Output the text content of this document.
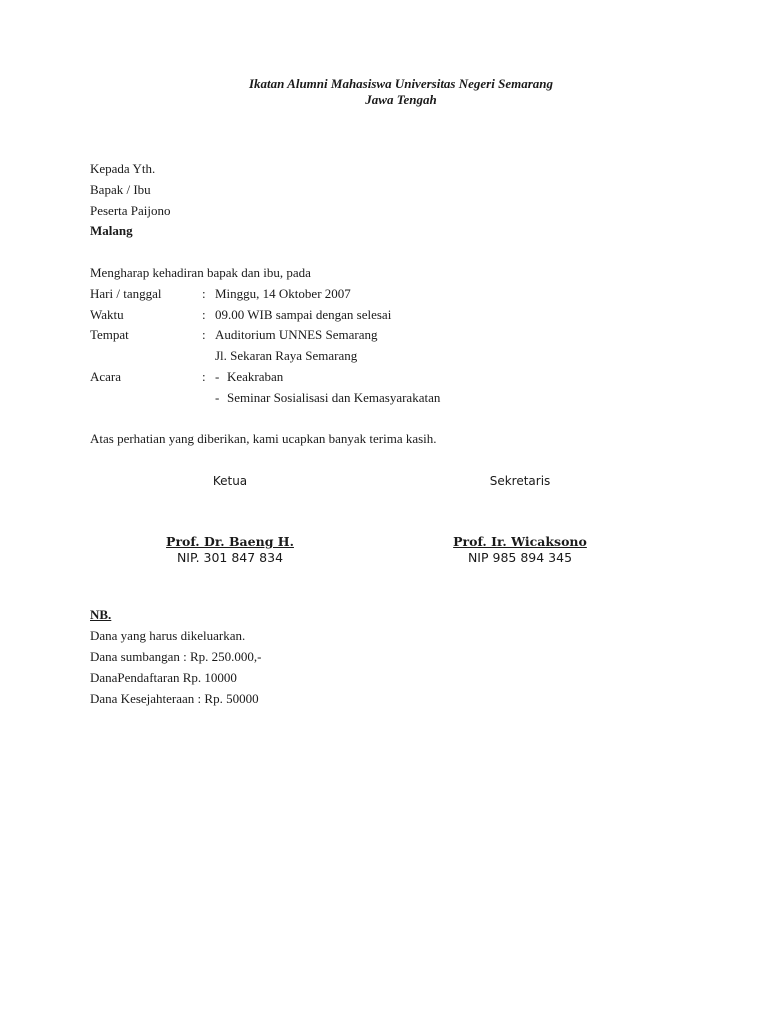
Ikatan Alumni Mahasiswa Universitas Negeri Semarang
Jawa Tengah
Kepada Yth.
Bapak / Ibu
Peserta Paijono
Malang
Mengharap kehadiran bapak dan ibu, pada
Hari / tanggal	: Minggu, 14 Oktober 2007
Waktu	: 09.00 WIB sampai dengan selesai
Tempat	: Auditorium UNNES Semarang
Jl. Sekaran Raya Semarang
Acara	: - Keakraban
- Seminar Sosialisasi dan Kemasyarakatan
Atas perhatian yang diberikan, kami ucapkan banyak terima kasih.
Ketua	Sekretaris
Prof. Dr. Baeng H.	Prof. Ir. Wicaksono
NIP. 301 847 834	NIP 985 894 345
NB.
Dana yang harus dikeluarkan.
Dana sumbangan : Rp. 250.000,-
DanaPendaftaran Rp. 10000
Dana Kesejahteraan : Rp. 50000
